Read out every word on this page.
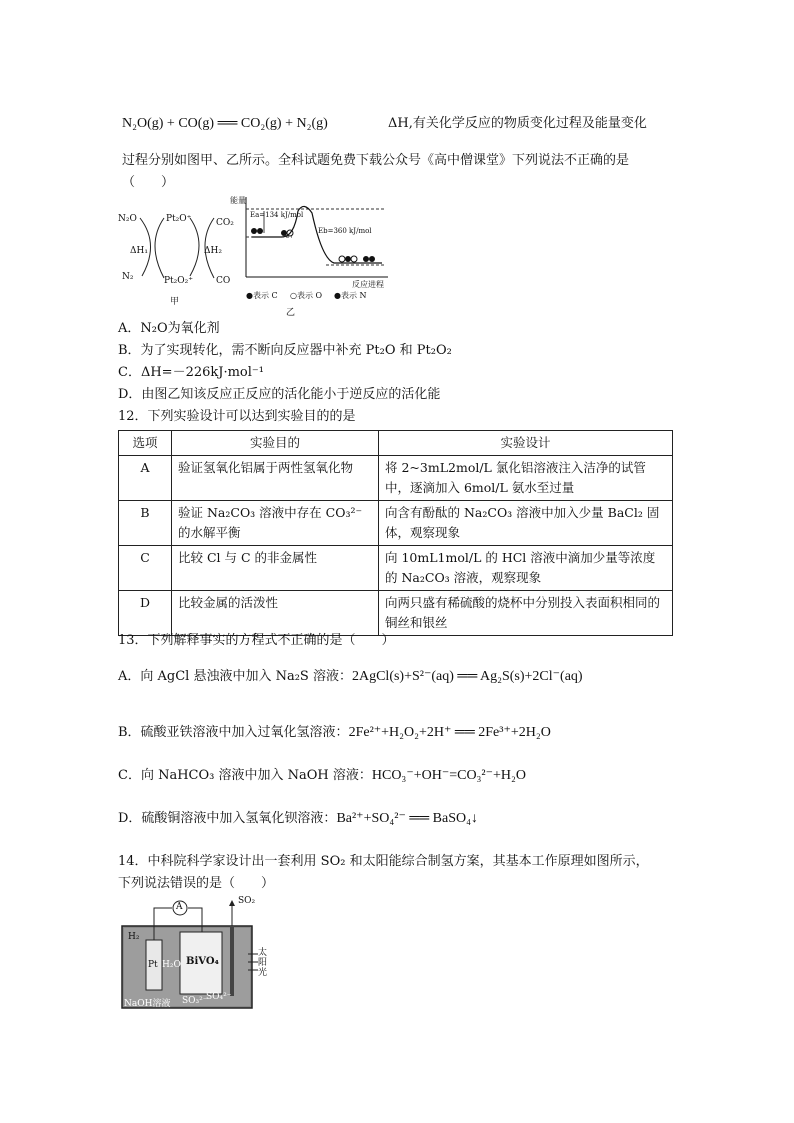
N₂O(g) + CO(g) ══ CO₂(g) + N₂(g)	ΔH,有关化学反应的物质变化过程及能量变化
过程分别如图甲、乙所示。全科试题免费下载公众号《高中僧课堂》下列说法不正确的是
（　　）
N₂O	Pt₂O⁺	CO₂
ΔH₁	ΔH₂
N₂	Pt₂O₂⁺	CO
甲
能量
Ea=134 kJ/mol
Eb=360 kJ/mol
反应进程
●表示 C ○表示 O ●表示 N
乙
A．N₂O为氧化剂
B．为了实现转化，需不断向反应器中补充 Pt₂O 和 Pt₂O₂
C．ΔH=－226kJ·mol⁻¹
D．由图乙知该反应正反应的活化能小于逆反应的活化能
12．下列实验设计可以达到实验目的的是
选项	实验目的	实验设计
A	验证氢氧化铝属于两性氢氧化物	将 2~3mL2mol/L 氯化铝溶液注入洁净的试管中，逐滴加入 6mol/L 氨水至过量
B	验证 Na₂CO₃ 溶液中存在 CO₃²⁻ 的水解平衡	向含有酚酞的 Na₂CO₃ 溶液中加入少量 BaCl₂ 固体，观察现象
C	比较 Cl 与 C 的非金属性	向 10mL1mol/L 的 HCl 溶液中滴加少量等浓度的 Na₂CO₃ 溶液，观察现象
D	比较金属的活泼性	向两只盛有稀硫酸的烧杯中分别投入表面积相同的铜丝和银丝
13．下列解释事实的方程式不正确的是（　　）
A．向 AgCl 悬浊液中加入 Na₂S 溶液：2AgCl(s)+S²⁻(aq) ══ Ag₂S(s)+2Cl⁻(aq)
B．硫酸亚铁溶液中加入过氧化氢溶液：2Fe²⁺+H₂O₂+2H⁺ ══ 2Fe³⁺+2H₂O
C．向 NaHCO₃ 溶液中加入 NaOH 溶液：HCO₃⁻+OH⁻=CO₃²⁻+H₂O
D．硫酸铜溶液中加入氢氧化钡溶液：Ba²⁺+SO₄²⁻ ══ BaSO₄↓
14．中科院科学家设计出一套利用 SO₂ 和太阳能综合制氢方案，其基本工作原理如图所示，
下列说法错误的是（　　）
A
SO₂
H₂
Pt H₂O BiVO₄
太阳光
NaOH溶液 SO₃²⁻
SO₄²⁻
